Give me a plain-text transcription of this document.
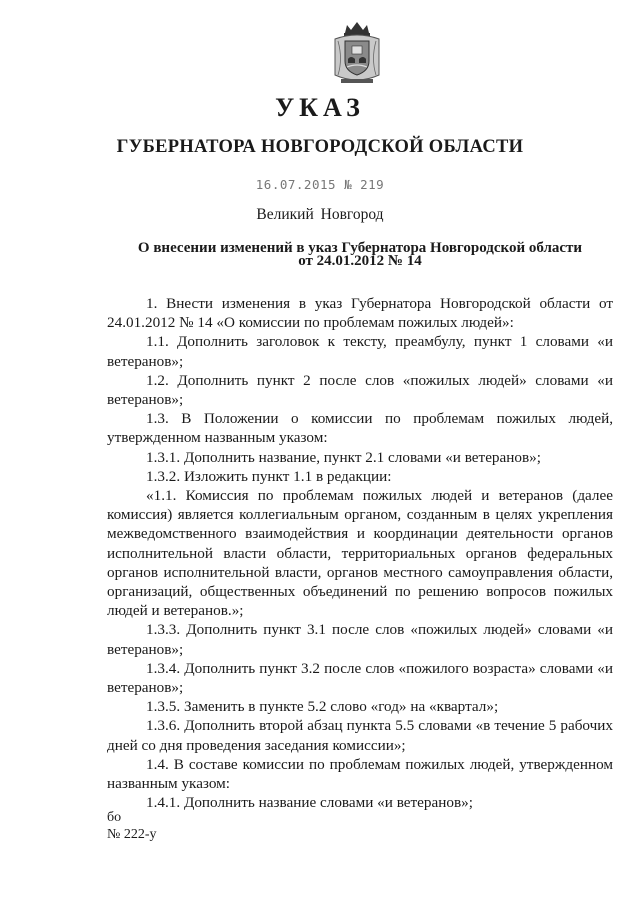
УКАЗ
ГУБЕРНАТОРА НОВГОРОДСКОЙ ОБЛАСТИ
16.07.2015 № 219
Великий Новгород
О внесении изменений в указ Губернатора Новгородской области
от 24.01.2012 № 14

1. Внести изменения в указ Губернатора Новгородской области от 24.01.2012 № 14 «О комиссии по проблемам пожилых людей»:

1.1. Дополнить заголовок к тексту, преамбулу, пункт 1 словами «и ветеранов»;

1.2. Дополнить пункт 2 после слов «пожилых людей» словами «и ветеранов»;

1.3. В Положении о комиссии по проблемам пожилых людей, утвержденном названным указом:

1.3.1. Дополнить название, пункт 2.1 словами «и ветеранов»;

1.3.2. Изложить пункт 1.1 в редакции:

«1.1. Комиссия по проблемам пожилых людей и ветеранов (далее комиссия) является коллегиальным органом, созданным в целях укрепления межведомственного взаимодействия и координации деятельности органов исполнительной власти области, территориальных органов федеральных органов исполнительной власти, органов местного самоуправления области, организаций, общественных объединений по решению вопросов пожилых людей и ветеранов.»;

1.3.3. Дополнить пункт 3.1 после слов «пожилых людей» словами «и ветеранов»;

1.3.4. Дополнить пункт 3.2 после слов «пожилого возраста» словами «и ветеранов»;

1.3.5. Заменить в пункте 5.2 слово «год» на «квартал»;

1.3.6. Дополнить второй абзац пункта 5.5 словами «в течение 5 рабочих дней со дня проведения заседания комиссии»;

1.4. В составе комиссии по проблемам пожилых людей, утвержденном названным указом:

1.4.1. Дополнить название словами «и ветеранов»;

бо
№ 222-у
